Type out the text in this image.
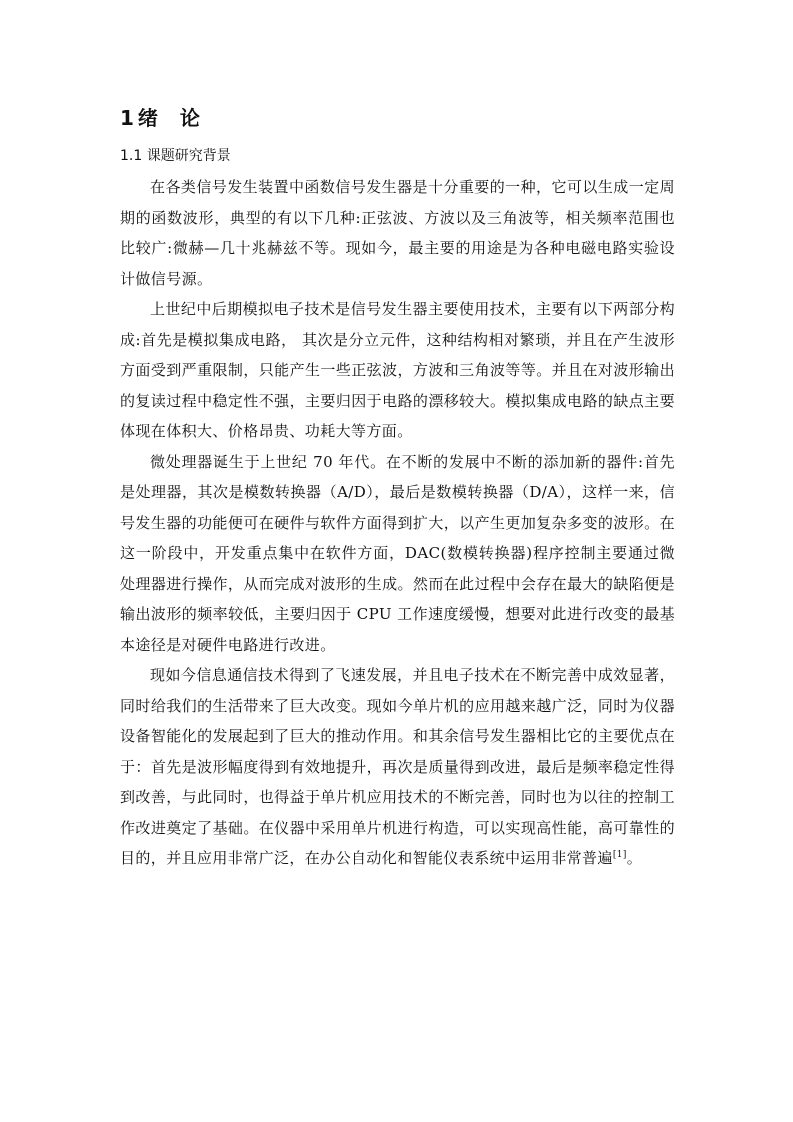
1 绪 论
1.1 课题研究背景

在各类信号发生装置中函数信号发生器是十分重要的一种，它可以生成一定周期的函数波形，典型的有以下几种:正弦波、方波以及三角波等，相关频率范围也比较广:微赫—几十兆赫兹不等。现如今，最主要的用途是为各种电磁电路实验设计做信号源。

上世纪中后期模拟电子技术是信号发生器主要使用技术，主要有以下两部分构成:首先是模拟集成电路， 其次是分立元件，这种结构相对繁琐，并且在产生波形方面受到严重限制，只能产生一些正弦波，方波和三角波等等。并且在对波形输出的复读过程中稳定性不强，主要归因于电路的漂移较大。模拟集成电路的缺点主要体现在体积大、价格昂贵、功耗大等方面。

微处理器诞生于上世纪 70 年代。在不断的发展中不断的添加新的器件:首先是处理器，其次是模数转换器（A/D），最后是数模转换器（D/A），这样一来，信号发生器的功能便可在硬件与软件方面得到扩大，以产生更加复杂多变的波形。在这一阶段中，开发重点集中在软件方面，DAC(数模转换器)程序控制主要通过微处理器进行操作，从而完成对波形的生成。然而在此过程中会存在最大的缺陷便是输出波形的频率较低，主要归因于 CPU 工作速度缓慢，想要对此进行改变的最基本途径是对硬件电路进行改进。

现如今信息通信技术得到了飞速发展，并且电子技术在不断完善中成效显著，同时给我们的生活带来了巨大改变。现如今单片机的应用越来越广泛，同时为仪器设备智能化的发展起到了巨大的推动作用。和其余信号发生器相比它的主要优点在于：首先是波形幅度得到有效地提升，再次是质量得到改进，最后是频率稳定性得到改善，与此同时，也得益于单片机应用技术的不断完善，同时也为以往的控制工作改进奠定了基础。在仪器中采用单片机进行构造，可以实现高性能，高可靠性的目的，并且应用非常广泛，在办公自动化和智能仪表系统中运用非常普遍[1]。
